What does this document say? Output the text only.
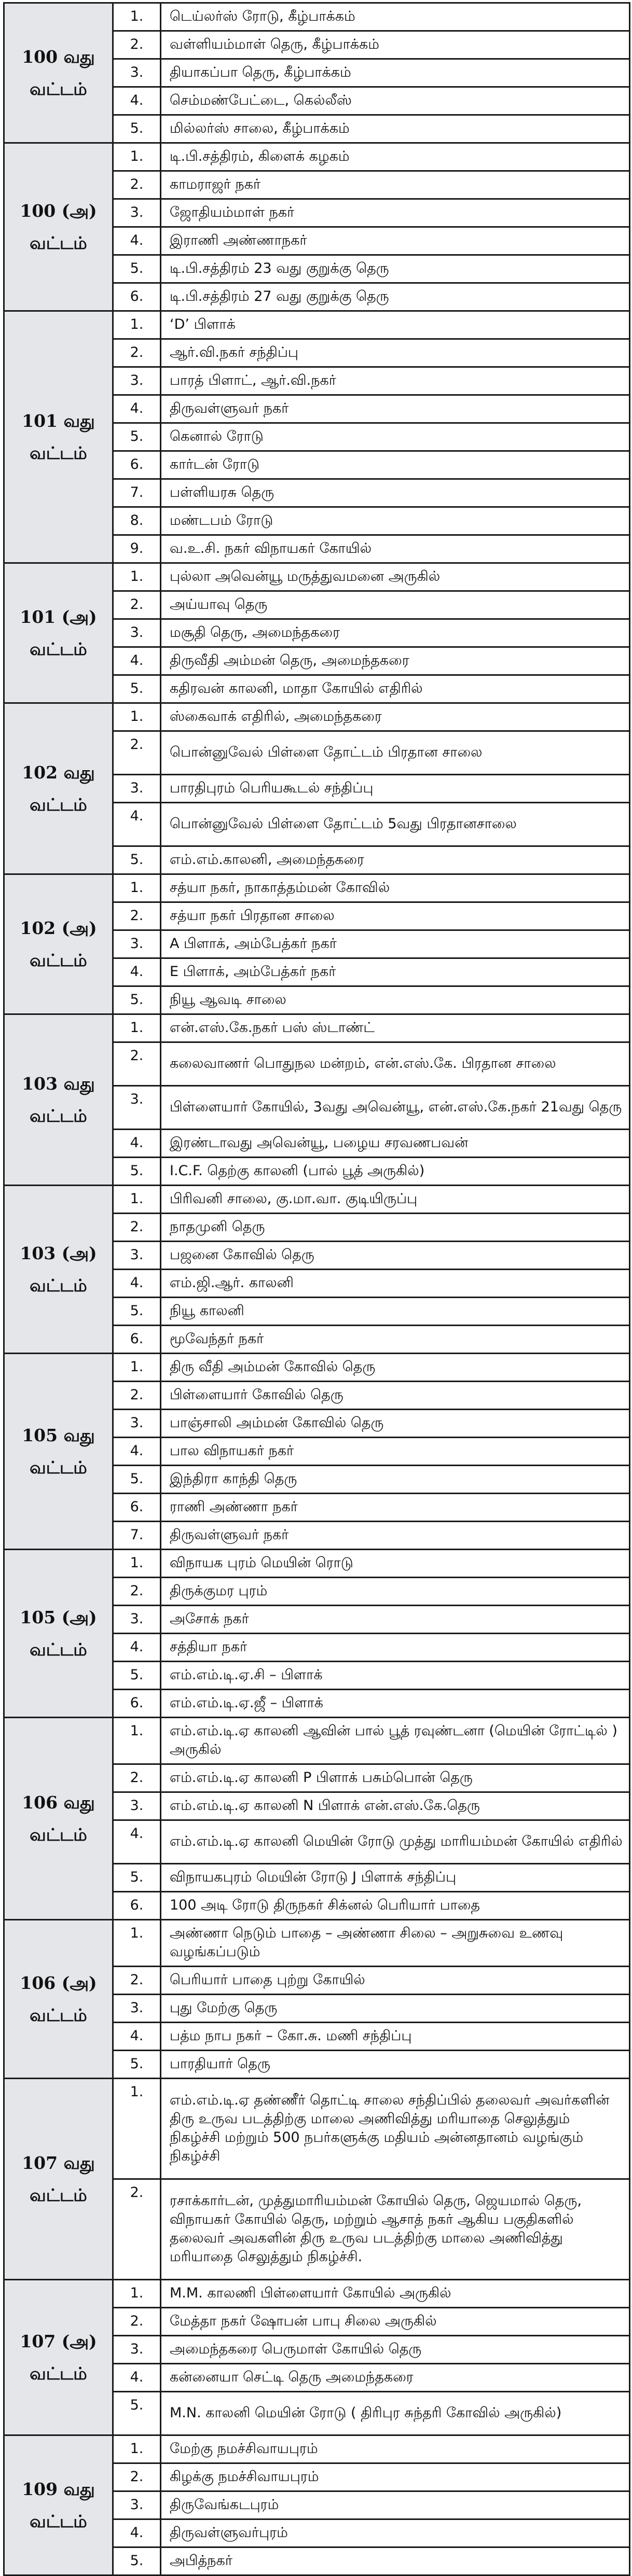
100 வது
வட்டம்	1.	டெய்லர்ஸ் ரோடு, கீழ்பாக்கம்
	2.	வள்ளியம்மாள் தெரு, கீழ்பாக்கம்
	3.	தியாகப்பா தெரு, கீழ்பாக்கம்
	4.	செம்மண்பேட்டை, கெல்லீஸ்
	5.	மில்லர்ஸ் சாலை, கீழ்பாக்கம்

100 (அ)
வட்டம்	1.	டி.பி.சத்திரம், கிளைக் கழகம்
	2.	காமராஜர் நகர்
	3.	ஜோதியம்மாள் நகர்
	4.	இராணி அண்ணாநகர்
	5.	டி.பி.சத்திரம் 23 வது குறுக்கு தெரு
	6.	டி.பி.சத்திரம் 27 வது குறுக்கு தெரு

101 வது
வட்டம்	1.	‘D’ பிளாக்
	2.	ஆர்.வி.நகர் சந்திப்பு
	3.	பாரத் பிளாட், ஆர்.வி.நகர்
	4.	திருவள்ளுவர் நகர்
	5.	கெனால் ரோடு
	6.	கார்டன் ரோடு
	7.	பள்ளியரசு தெரு
	8.	மண்டபம் ரோடு
	9.	வ.உ.சி. நகர் விநாயகர் கோயில்

101 (அ)
வட்டம்	1.	புல்லா அவென்யூ மருத்துவமனை அருகில்
	2.	அய்யாவு தெரு
	3.	மசூதி தெரு, அமைந்தகரை
	4.	திருவீதி அம்மன் தெரு, அமைந்தகரை
	5.	கதிரவன் காலனி, மாதா கோயில் எதிரில்

102 வது
வட்டம்	1.	ஸ்கைவாக் எதிரில், அமைந்தகரை
	2.	பொன்னுவேல் பிள்ளை தோட்டம் பிரதான சாலை
	3.	பாரதிபுரம் பெரியகூடல் சந்திப்பு
	4.	பொன்னுவேல் பிள்ளை தோட்டம் 5வது பிரதானசாலை
	5.	எம்.எம்.காலனி, அமைந்தகரை

102 (அ)
வட்டம்	1.	சத்யா நகர், நாகாத்தம்மன் கோவில்
	2.	சத்யா நகர் பிரதான சாலை
	3.	A பிளாக், அம்பேத்கர் நகர்
	4.	E பிளாக், அம்பேத்கர் நகர்
	5.	நியூ ஆவடி சாலை

103 வது
வட்டம்	1.	என்.எஸ்.கே.நகர் பஸ் ஸ்டாண்ட்
	2.	கலைவாணர் பொதுநல மன்றம், என்.எஸ்.கே. பிரதான சாலை
	3.	பிள்ளையார் கோயில், 3வது அவென்யூ, என்.எஸ்.கே.நகர் 21வது தெரு
	4.	இரண்டாவது அவென்யூ, பழைய சரவணபவன்
	5.	I.C.F. தெற்கு காலனி (பால் பூத் அருகில்)

103 (அ)
வட்டம்	1.	பிரிவனி சாலை, கு.மா.வா. குடியிருப்பு
	2.	நாதமுனி தெரு
	3.	பஜனை கோவில் தெரு
	4.	எம்.ஜி.ஆர். காலனி
	5.	நியூ காலனி
	6.	மூவேந்தர் நகர்

105 வது
வட்டம்	1.	திரு வீதி அம்மன் கோவில் தெரு
	2.	பிள்ளையார் கோவில் தெரு
	3.	பாஞ்சாலி அம்மன் கோவில் தெரு
	4.	பால விநாயகர் நகர்
	5.	இந்திரா காந்தி தெரு
	6.	ராணி அண்ணா நகர்
	7.	திருவள்ளுவர் நகர்

105 (அ)
வட்டம்	1.	விநாயக புரம் மெயின் ரொடு
	2.	திருக்குமர புரம்
	3.	அசோக் நகர்
	4.	சத்தியா நகர்
	5.	எம்.எம்.டி.ஏ.சி – பிளாக்
	6.	எம்.எம்.டி.ஏ.ஜீ – பிளாக்

106 வது
வட்டம்	1.	எம்.எம்.டி.ஏ காலனி ஆவின் பால் பூத் ரவுண்டனா (மெயின் ரோட்டில் ) அருகில்
	2.	எம்.எம்.டி.ஏ காலனி P பிளாக் பசும்பொன் தெரு
	3.	எம்.எம்.டி.ஏ காலனி N பிளாக் என்.எஸ்.கே.தெரு
	4.	எம்.எம்.டி.ஏ காலனி மெயின் ரோடு முத்து மாரியம்மன் கோயில் எதிரில்
	5.	விநாயகபுரம் மெயின் ரோடு J பிளாக் சந்திப்பு
	6.	100 அடி ரோடு திருநகர் சிக்னல் பெரியார் பாதை

106 (அ)
வட்டம்	1.	அண்ணா நெடும் பாதை – அண்ணா சிலை – அறுசுவை உணவு வழங்கப்படும்
	2.	பெரியார் பாதை புற்று கோயில்
	3.	புது மேற்கு தெரு
	4.	பத்ம நாப நகர் – கோ.சு. மணி சந்திப்பு
	5.	பாரதியார் தெரு

107 வது
வட்டம்	1.	எம்.எம்.டி.ஏ தண்ணீர் தொட்டி சாலை சந்திப்பில் தலைவர் அவர்களின் திரு உருவ படத்திற்கு மாலை அணிவித்து மரியாதை செலுத்தும் நிகழ்ச்சி மற்றும் 500 நபர்களுக்கு மதியம் அன்னதானம் வழங்கும் நிகழ்ச்சி
	2.	ரசாக்கார்டன், முத்துமாரியம்மன் கோயில் தெரு, ஜெயமால் தெரு, விநாயகர் கோயில் தெரு, மற்றும் ஆசாத் நகர் ஆகிய பகுதிகளில் தலைவர் அவகளின் திரு உருவ படத்திற்கு மாலை அணிவித்து மரியாதை செலுத்தும் நிகழ்ச்சி.

107 (அ)
வட்டம்	1.	M.M. காலணி பிள்ளையார் கோயில் அருகில்
	2.	மேத்தா நகர் ஷோபன் பாபு சிலை அருகில்
	3.	அமைந்தகரை பெருமாள் கோயில் தெரு
	4.	கன்னையா செட்டி தெரு அமைந்தகரை
	5.	M.N. காலனி மெயின் ரோடு ( திரிபுர சுந்தரி கோவில் அருகில்)

109 வது
வட்டம்	1.	மேற்கு நமச்சிவாயபுரம்
	2.	கிழக்கு நமச்சிவாயபுரம்
	3.	திருவேங்கடபுரம்
	4.	திருவள்ளுவர்புரம்
	5.	அபித்நகர்
